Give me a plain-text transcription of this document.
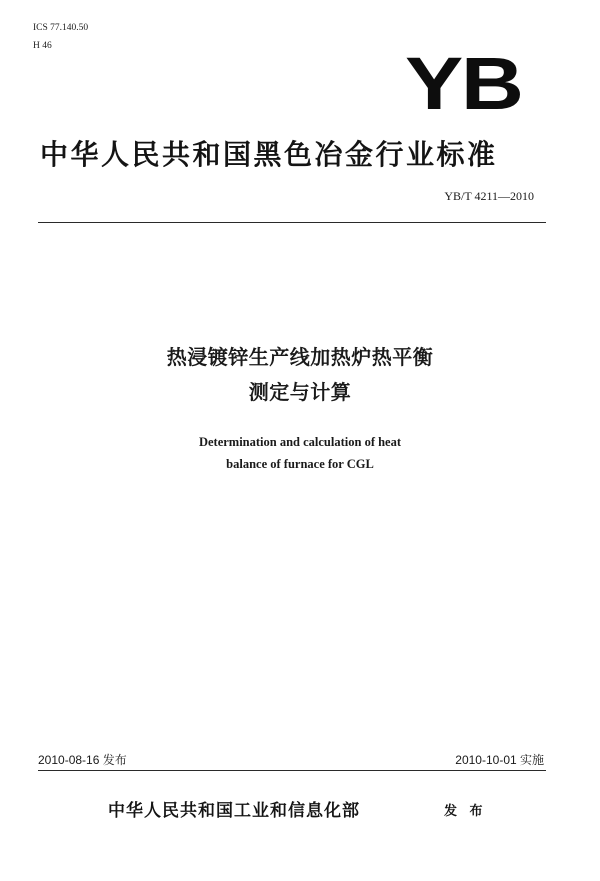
ICS 77.140.50
H 46	YB
中华人民共和国黑色冶金行业标准
YB/T 4211—2010
热浸镀锌生产线加热炉热平衡
测定与计算
Determination and calculation of heat
balance of furnace for CGL
2010-08-16 发布	2010-10-01 实施
中华人民共和国工业和信息化部	发 布
